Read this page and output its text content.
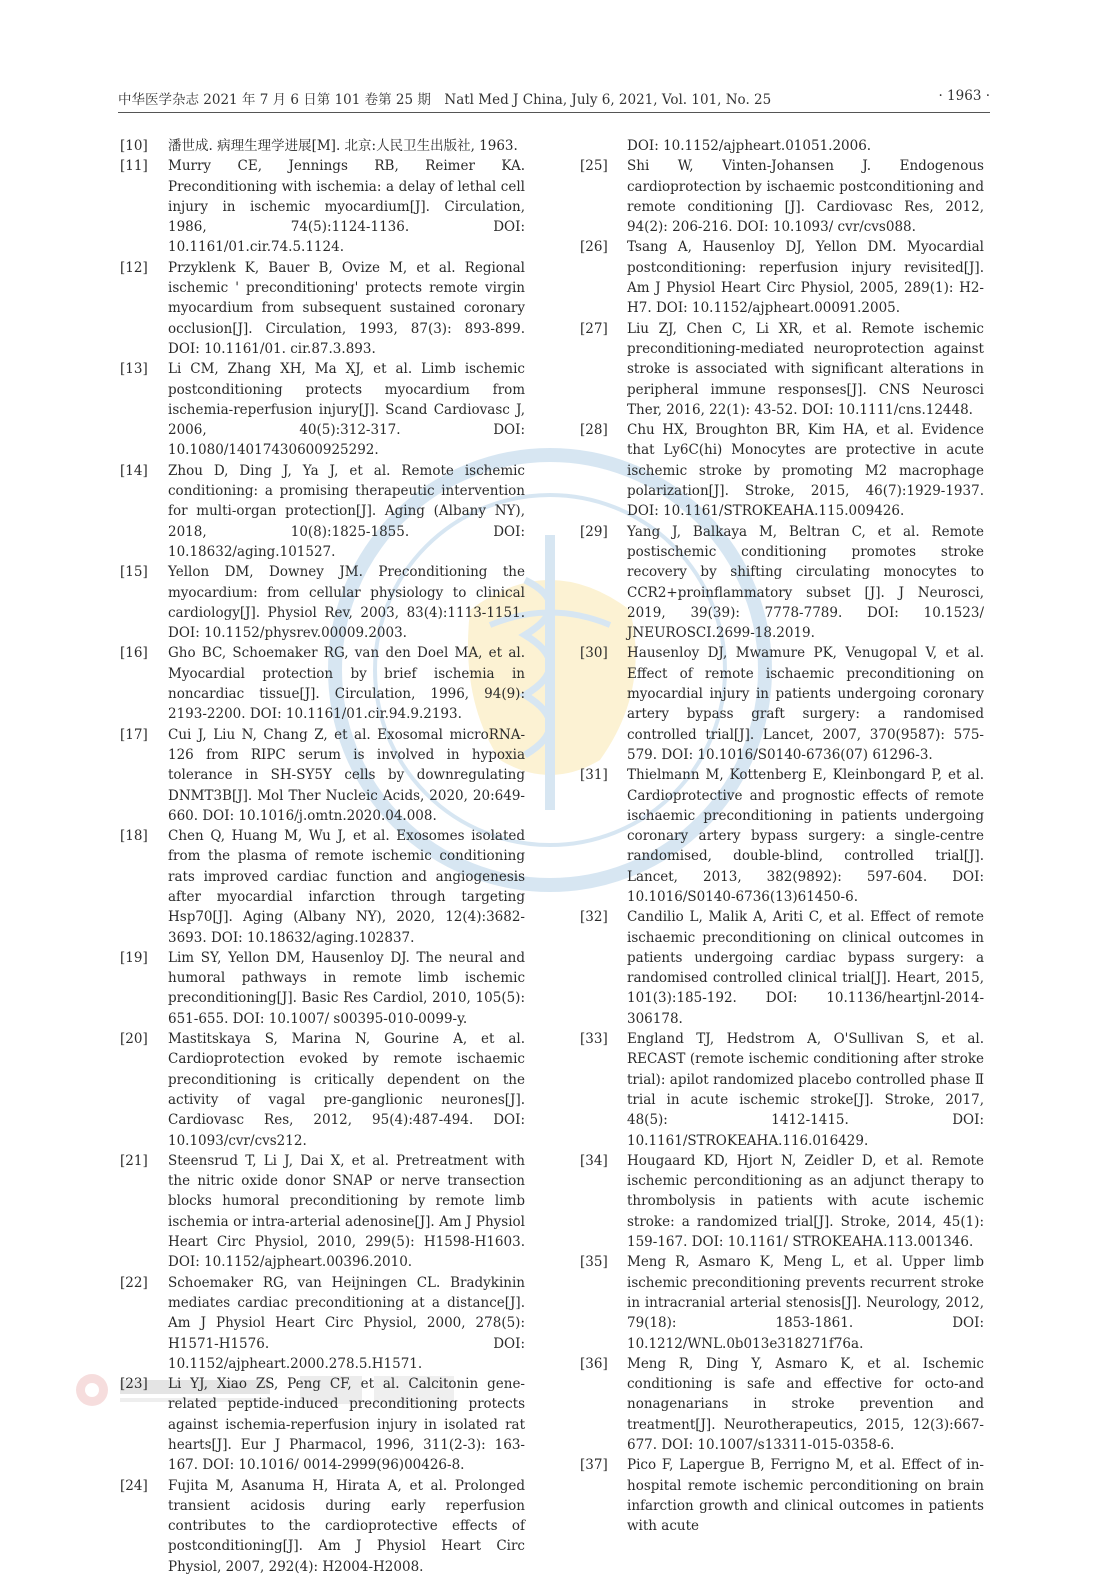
中华医学杂志 2021 年 7 月 6 日第 101 卷第 25 期　Natl Med J China, July 6, 2021, Vol. 101, No. 25	· 1963 ·
[10]	潘世成. 病理生理学进展[M]. 北京:人民卫生出版社, 1963.
[11]	Murry CE, Jennings RB, Reimer KA. Preconditioning with ischemia: a delay of lethal cell injury in ischemic myocardium[J]. Circulation, 1986, 74(5):1124-1136. DOI: 10.1161/01.cir.74.5.1124.
[12]	Przyklenk K, Bauer B, Ovize M, et al. Regional ischemic ' preconditioning' protects remote virgin myocardium from subsequent sustained coronary occlusion[J]. Circulation, 1993, 87(3): 893-899. DOI: 10.1161/01. cir.87.3.893.
[13]	Li CM, Zhang XH, Ma XJ, et al. Limb ischemic postconditioning protects myocardium from ischemia-reperfusion injury[J]. Scand Cardiovasc J, 2006, 40(5):312-317. DOI: 10.1080/14017430600925292.
[14]	Zhou D, Ding J, Ya J, et al. Remote ischemic conditioning: a promising therapeutic intervention for multi-organ protection[J]. Aging (Albany NY), 2018, 10(8):1825-1855. DOI: 10.18632/aging.101527.
[15]	Yellon DM, Downey JM. Preconditioning the myocardium: from cellular physiology to clinical cardiology[J]. Physiol Rev, 2003, 83(4):1113-1151. DOI: 10.1152/physrev.00009.2003.
[16]	Gho BC, Schoemaker RG, van den Doel MA, et al. Myocardial protection by brief ischemia in noncardiac tissue[J]. Circulation, 1996, 94(9): 2193-2200. DOI: 10.1161/01.cir.94.9.2193.
[17]	Cui J, Liu N, Chang Z, et al. Exosomal microRNA-126 from RIPC serum is involved in hypoxia tolerance in SH-SY5Y cells by downregulating DNMT3B[J]. Mol Ther Nucleic Acids, 2020, 20:649-660. DOI: 10.1016/j.omtn.2020.04.008.
[18]	Chen Q, Huang M, Wu J, et al. Exosomes isolated from the plasma of remote ischemic conditioning rats improved cardiac function and angiogenesis after myocardial infarction through targeting Hsp70[J]. Aging (Albany NY), 2020, 12(4):3682-3693. DOI: 10.18632/aging.102837.
[19]	Lim SY, Yellon DM, Hausenloy DJ. The neural and humoral pathways in remote limb ischemic preconditioning[J]. Basic Res Cardiol, 2010, 105(5): 651-655. DOI: 10.1007/ s00395-010-0099-y.
[20]	Mastitskaya S, Marina N, Gourine A, et al. Cardioprotection evoked by remote ischaemic preconditioning is critically dependent on the activity of vagal pre-ganglionic neurones[J]. Cardiovasc Res, 2012, 95(4):487-494. DOI: 10.1093/cvr/cvs212.
[21]	Steensrud T, Li J, Dai X, et al. Pretreatment with the nitric oxide donor SNAP or nerve transection blocks humoral preconditioning by remote limb ischemia or intra-arterial adenosine[J]. Am J Physiol Heart Circ Physiol, 2010, 299(5): H1598-H1603. DOI: 10.1152/ajpheart.00396.2010.
[22]	Schoemaker RG, van Heijningen CL. Bradykinin mediates cardiac preconditioning at a distance[J]. Am J Physiol Heart Circ Physiol, 2000, 278(5): H1571-H1576. DOI: 10.1152/ajpheart.2000.278.5.H1571.
[23]	Li YJ, Xiao ZS, Peng CF, et al. Calcitonin gene-related peptide-induced preconditioning protects against ischemia-reperfusion injury in isolated rat hearts[J]. Eur J Pharmacol, 1996, 311(2-3): 163-167. DOI: 10.1016/ 0014-2999(96)00426-8.
[24]	Fujita M, Asanuma H, Hirata A, et al. Prolonged transient acidosis during early reperfusion contributes to the cardioprotective effects of postconditioning[J]. Am J Physiol Heart Circ Physiol, 2007, 292(4): H2004-H2008.
DOI: 10.1152/ajpheart.01051.2006.
[25]	Shi W, Vinten-Johansen J. Endogenous cardioprotection by ischaemic postconditioning and remote conditioning [J]. Cardiovasc Res, 2012, 94(2): 206-216. DOI: 10.1093/ cvr/cvs088.
[26]	Tsang A, Hausenloy DJ, Yellon DM. Myocardial postconditioning: reperfusion injury revisited[J]. Am J Physiol Heart Circ Physiol, 2005, 289(1): H2-H7. DOI: 10.1152/ajpheart.00091.2005.
[27]	Liu ZJ, Chen C, Li XR, et al. Remote ischemic preconditioning-mediated neuroprotection against stroke is associated with significant alterations in peripheral immune responses[J]. CNS Neurosci Ther, 2016, 22(1): 43-52. DOI: 10.1111/cns.12448.
[28]	Chu HX, Broughton BR, Kim HA, et al. Evidence that Ly6C(hi) Monocytes are protective in acute ischemic stroke by promoting M2 macrophage polarization[J]. Stroke, 2015, 46(7):1929-1937. DOI: 10.1161/STROKEAHA.115.009426.
[29]	Yang J, Balkaya M, Beltran C, et al. Remote postischemic conditioning promotes stroke recovery by shifting circulating monocytes to CCR2+proinflammatory subset [J]. J Neurosci, 2019, 39(39): 7778-7789. DOI: 10.1523/ JNEUROSCI.2699-18.2019.
[30]	Hausenloy DJ, Mwamure PK, Venugopal V, et al. Effect of remote ischaemic preconditioning on myocardial injury in patients undergoing coronary artery bypass graft surgery: a randomised controlled trial[J]. Lancet, 2007, 370(9587): 575-579. DOI: 10.1016/S0140-6736(07) 61296-3.
[31]	Thielmann M, Kottenberg E, Kleinbongard P, et al. Cardioprotective and prognostic effects of remote ischaemic preconditioning in patients undergoing coronary artery bypass surgery: a single-centre randomised, double-blind, controlled trial[J]. Lancet, 2013, 382(9892): 597-604. DOI: 10.1016/S0140-6736(13)61450-6.
[32]	Candilio L, Malik A, Ariti C, et al. Effect of remote ischaemic preconditioning on clinical outcomes in patients undergoing cardiac bypass surgery: a randomised controlled clinical trial[J]. Heart, 2015, 101(3):185-192. DOI: 10.1136/heartjnl-2014-306178.
[33]	England TJ, Hedstrom A, O'Sullivan S, et al. RECAST (remote ischemic conditioning after stroke trial): apilot randomized placebo controlled phase Ⅱ trial in acute ischemic stroke[J]. Stroke, 2017, 48(5): 1412-1415. DOI: 10.1161/STROKEAHA.116.016429.
[34]	Hougaard KD, Hjort N, Zeidler D, et al. Remote ischemic perconditioning as an adjunct therapy to thrombolysis in patients with acute ischemic stroke: a randomized trial[J]. Stroke, 2014, 45(1): 159-167. DOI: 10.1161/ STROKEAHA.113.001346.
[35]	Meng R, Asmaro K, Meng L, et al. Upper limb ischemic preconditioning prevents recurrent stroke in intracranial arterial stenosis[J]. Neurology, 2012, 79(18): 1853-1861. DOI: 10.1212/WNL.0b013e318271f76a.
[36]	Meng R, Ding Y, Asmaro K, et al. Ischemic conditioning is safe and effective for octo-and nonagenarians in stroke prevention and treatment[J]. Neurotherapeutics, 2015, 12(3):667-677. DOI: 10.1007/s13311-015-0358-6.
[37]	Pico F, Lapergue B, Ferrigno M, et al. Effect of in-hospital remote ischemic perconditioning on brain infarction growth and clinical outcomes in patients with acute
